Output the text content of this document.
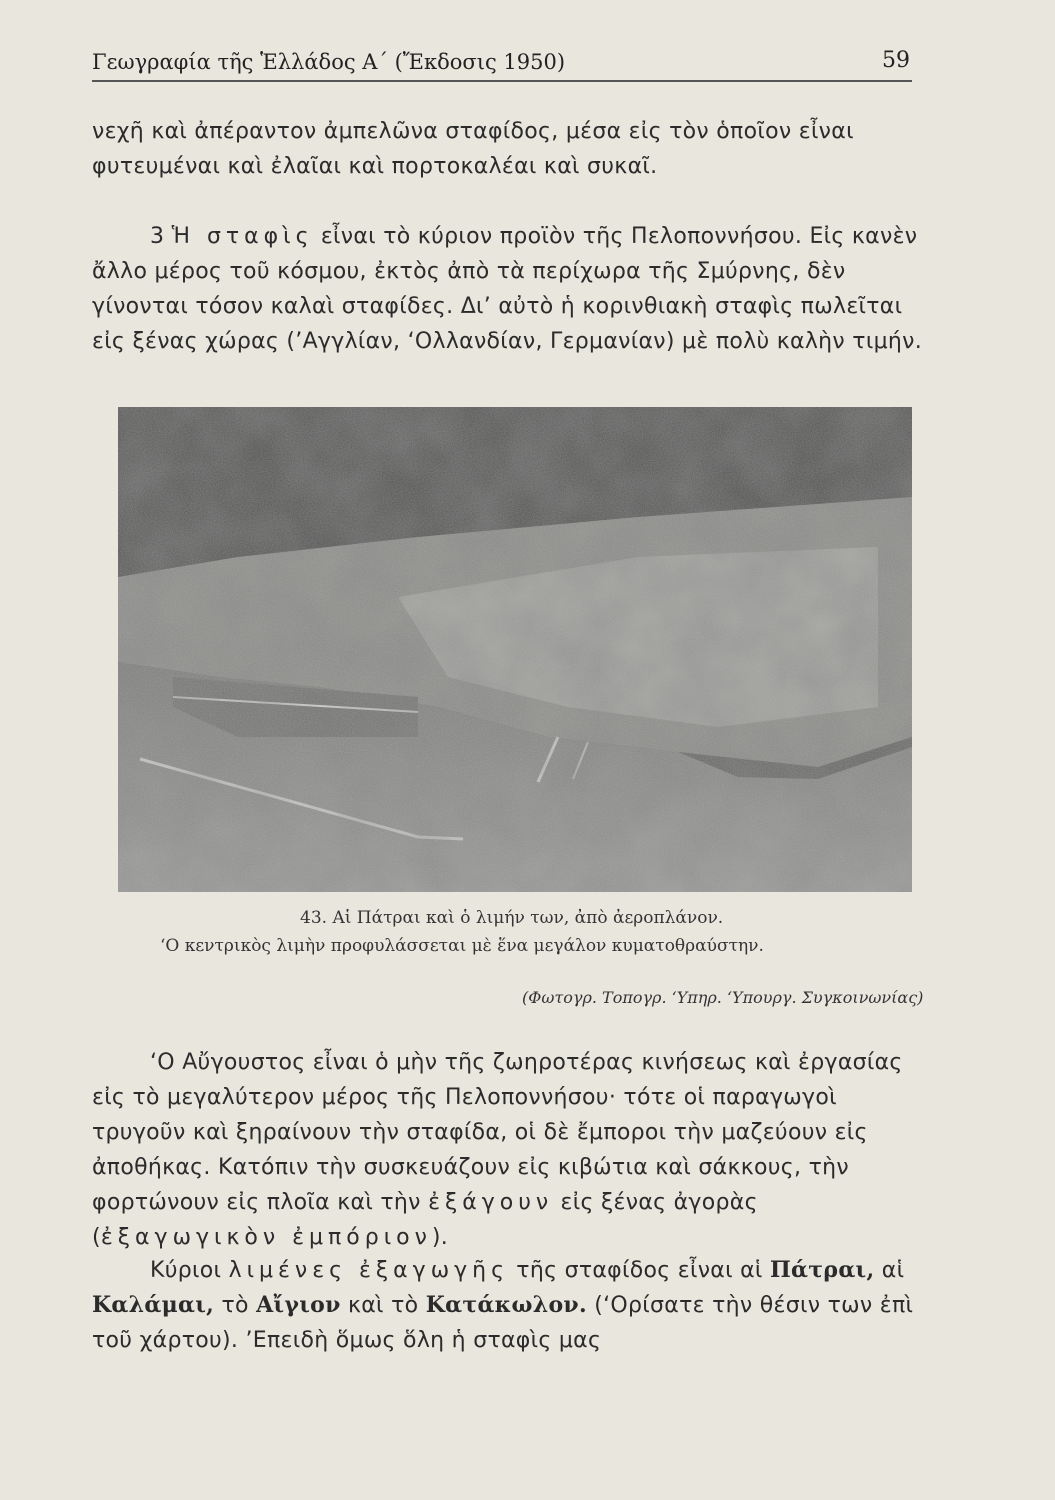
Γεωγραφία τῆς Ἑλλάδος Α΄ (Ἔκδοσις 1950)	59

νεχῆ καὶ ἀπέραντον ἀμπελῶνα σταφίδος, μέσα εἰς τὸν ὁποῖον εἶναι φυτευμέναι καὶ ἐλαῖαι καὶ πορτοκαλέαι καὶ συκαῖ.

3 Ἡ σταφὶς εἶναι τὸ κύριον προϊὸν τῆς Πελοποννήσου. Εἰς κανὲν ἄλλο μέρος τοῦ κόσμου, ἐκτὸς ἀπὸ τὰ περίχωρα τῆς Σμύρνης, δὲν γίνονται τόσον καλαὶ σταφίδες. Δι’ αὐτὸ ἡ κορινθιακὴ σταφὶς πωλεῖται εἰς ξένας χώρας (’Αγγλίαν, ‘Ολλανδίαν, Γερμανίαν) μὲ πολὺ καλὴν τιμήν.

43. Αἱ Πάτραι καὶ ὁ λιμήν των, ἀπὸ ἀεροπλάνον.

‘Ο κεντρικὸς λιμὴν προφυλάσσεται μὲ ἕνα μεγάλον κυματοθραύστην.

(Φωτογρ. Τοπογρ. ‘Υπηρ. ‘Υπουργ. Συγκοινωνίας)

‘Ο Αὔγουστος εἶναι ὁ μὴν τῆς ζωηροτέρας κινήσεως καὶ ἐργασίας εἰς τὸ μεγαλύτερον μέρος τῆς Πελοποννήσου· τότε οἱ παραγωγοὶ τρυγοῦν καὶ ξηραίνουν τὴν σταφίδα, οἱ δὲ ἔμποροι τὴν μαζεύουν εἰς ἀποθήκας. Κατόπιν τὴν συσκευάζουν εἰς κιβώτια καὶ σάκκους, τὴν φορτώνουν εἰς πλοῖα καὶ τὴν ἐξάγουν εἰς ξένας ἀγορὰς (ἐξαγωγικὸν ἐμπόριον).

Κύριοι λιμένες ἐξαγωγῆς τῆς σταφίδος εἶναι αἱ Πάτραι, αἱ Καλάμαι, τὸ Αἴγιον καὶ τὸ Κατάκωλον. (‘Ορίσατε τὴν θέσιν των ἐπὶ τοῦ χάρτου). ’Επειδὴ ὅμως ὅλη ἡ σταφὶς μας
